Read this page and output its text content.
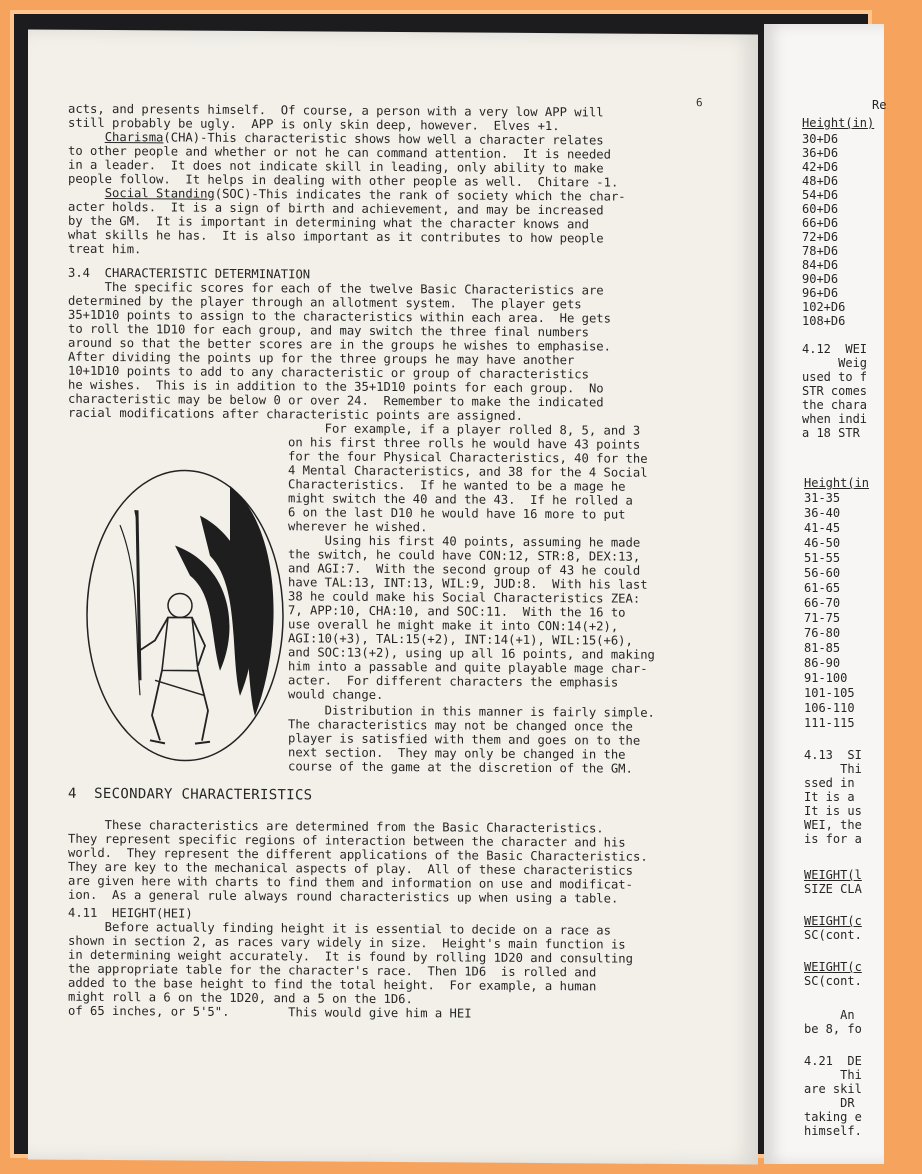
6
acts, and presents himself.  Of course, a person with a very low APP will
still probably be ugly.  APP is only skin deep, however.  Elves +1.
Charisma(CHA)-This characteristic shows how well a character relates
to other people and whether or not he can command attention.  It is needed
in a leader.  It does not indicate skill in leading, only ability to make
people follow.  It helps in dealing with other people as well.  Chitare -1.
Social Standing(SOC)-This indicates the rank of society which the char-
acter holds.  It is a sign of birth and achievement, and may be increased
by the GM.  It is important in determining what the character knows and
what skills he has.  It is also important as it contributes to how people
treat him.
3.4  CHARACTERISTIC DETERMINATION
The specific scores for each of the twelve Basic Characteristics are
determined by the player through an allotment system.  The player gets
35+1D10 points to assign to the characteristics within each area.  He gets
to roll the 1D10 for each group, and may switch the three final numbers
around so that the better scores are in the groups he wishes to emphasise.
After dividing the points up for the three groups he may have another
10+1D10 points to add to any characteristic or group of characteristics
he wishes.  This is in addition to the 35+1D10 points for each group.  No
characteristic may be below 0 or over 24.  Remember to make the indicated
racial modifications after characteristic points are assigned.
For example, if a player rolled 8, 5, and 3
on his first three rolls he would have 43 points
for the four Physical Characteristics, 40 for the
4 Mental Characteristics, and 38 for the 4 Social
Characteristics.  If he wanted to be a mage he
might switch the 40 and the 43.  If he rolled a
6 on the last D10 he would have 16 more to put
wherever he wished.
Using his first 40 points, assuming he made
the switch, he could have CON:12, STR:8, DEX:13,
and AGI:7.  With the second group of 43 he could
have TAL:13, INT:13, WIL:9, JUD:8.  With his last
38 he could make his Social Characteristics ZEA:
7, APP:10, CHA:10, and SOC:11.  With the 16 to
use overall he might make it into CON:14(+2),
AGI:10(+3), TAL:15(+2), INT:14(+1), WIL:15(+6),
and SOC:13(+2), using up all 16 points, and making
him into a passable and quite playable mage char-
acter.  For different characters the emphasis
would change.
Distribution in this manner is fairly simple.
The characteristics may not be changed once the
player is satisfied with them and goes on to the
next section.  They may only be changed in the
course of the game at the discretion of the GM.
4  SECONDARY CHARACTERISTICS
These characteristics are determined from the Basic Characteristics.
They represent specific regions of interaction between the character and his
world.  They represent the different applications of the Basic Characteristics.
They are key to the mechanical aspects of play.  All of these characteristics
are given here with charts to find them and information on use and modificat-
ion.  As a general rule always round characteristics up when using a table.
4.11  HEIGHT(HEI)
Before actually finding height it is essential to decide on a race as
shown in section 2, as races vary widely in size.  Height's main function is
in determining weight accurately.  It is found by rolling 1D20 and consulting
the appropriate table for the character's race.  Then 1D6  is rolled and
added to the base height to find the total height.  For example, a human
might roll a 6 on the 1D20, and a 5 on the 1D6.
of 65 inches, or 5'5".        This would give him a HEI
Height(in)
Re
30+D6
36+D6
42+D6
48+D6
54+D6
60+D6
66+D6
72+D6
78+D6
84+D6
90+D6
96+D6
102+D6
108+D6
4.12  WEI
Weig
used to f
STR comes
the chara
when indi
a 18 STR
Height(in
31-35
36-40
41-45
46-50
51-55
56-60
61-65
66-70
71-75
76-80
81-85
86-90
91-100
101-105
106-110
111-115
4.13  SI
Thi
ssed in
It is a
It is us
WEI, the
is for a
WEIGHT(l
SIZE CLA
WEIGHT(c
SC(cont.
WEIGHT(c
SC(cont.
An
be 8, fo
4.21  DE
Thi
are skil
DR
taking e
himself.
